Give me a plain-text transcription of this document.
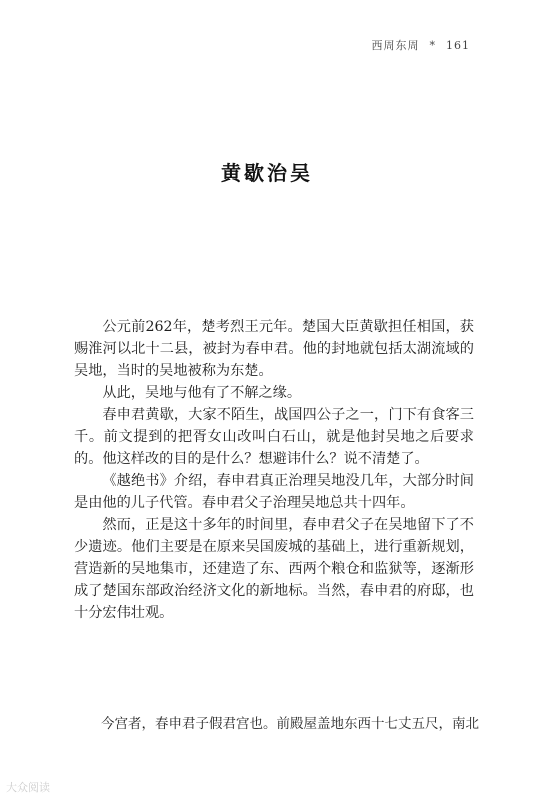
西周东周 * 161
黄歇治吴

公元前262年，楚考烈王元年。楚国大臣黄歇担任相国，获赐淮河以北十二县，被封为春申君。他的封地就包括太湖流域的吴地，当时的吴地被称为东楚。

从此，吴地与他有了不解之缘。

春申君黄歇，大家不陌生，战国四公子之一，门下有食客三千。前文提到的把胥女山改叫白石山，就是他封吴地之后要求的。他这样改的目的是什么？想避讳什么？说不清楚了。

《越绝书》介绍，春申君真正治理吴地没几年，大部分时间是由他的儿子代管。春申君父子治理吴地总共十四年。

然而，正是这十多年的时间里，春申君父子在吴地留下了不少遗迹。他们主要是在原来吴国废城的基础上，进行重新规划，营造新的吴地集市，还建造了东、西两个粮仓和监狱等，逐渐形成了楚国东部政治经济文化的新地标。当然，春申君的府邸，也十分宏伟壮观。

今宫者，春申君子假君宫也。前殿屋盖地东西十七丈五尺，南北
大众阅读
